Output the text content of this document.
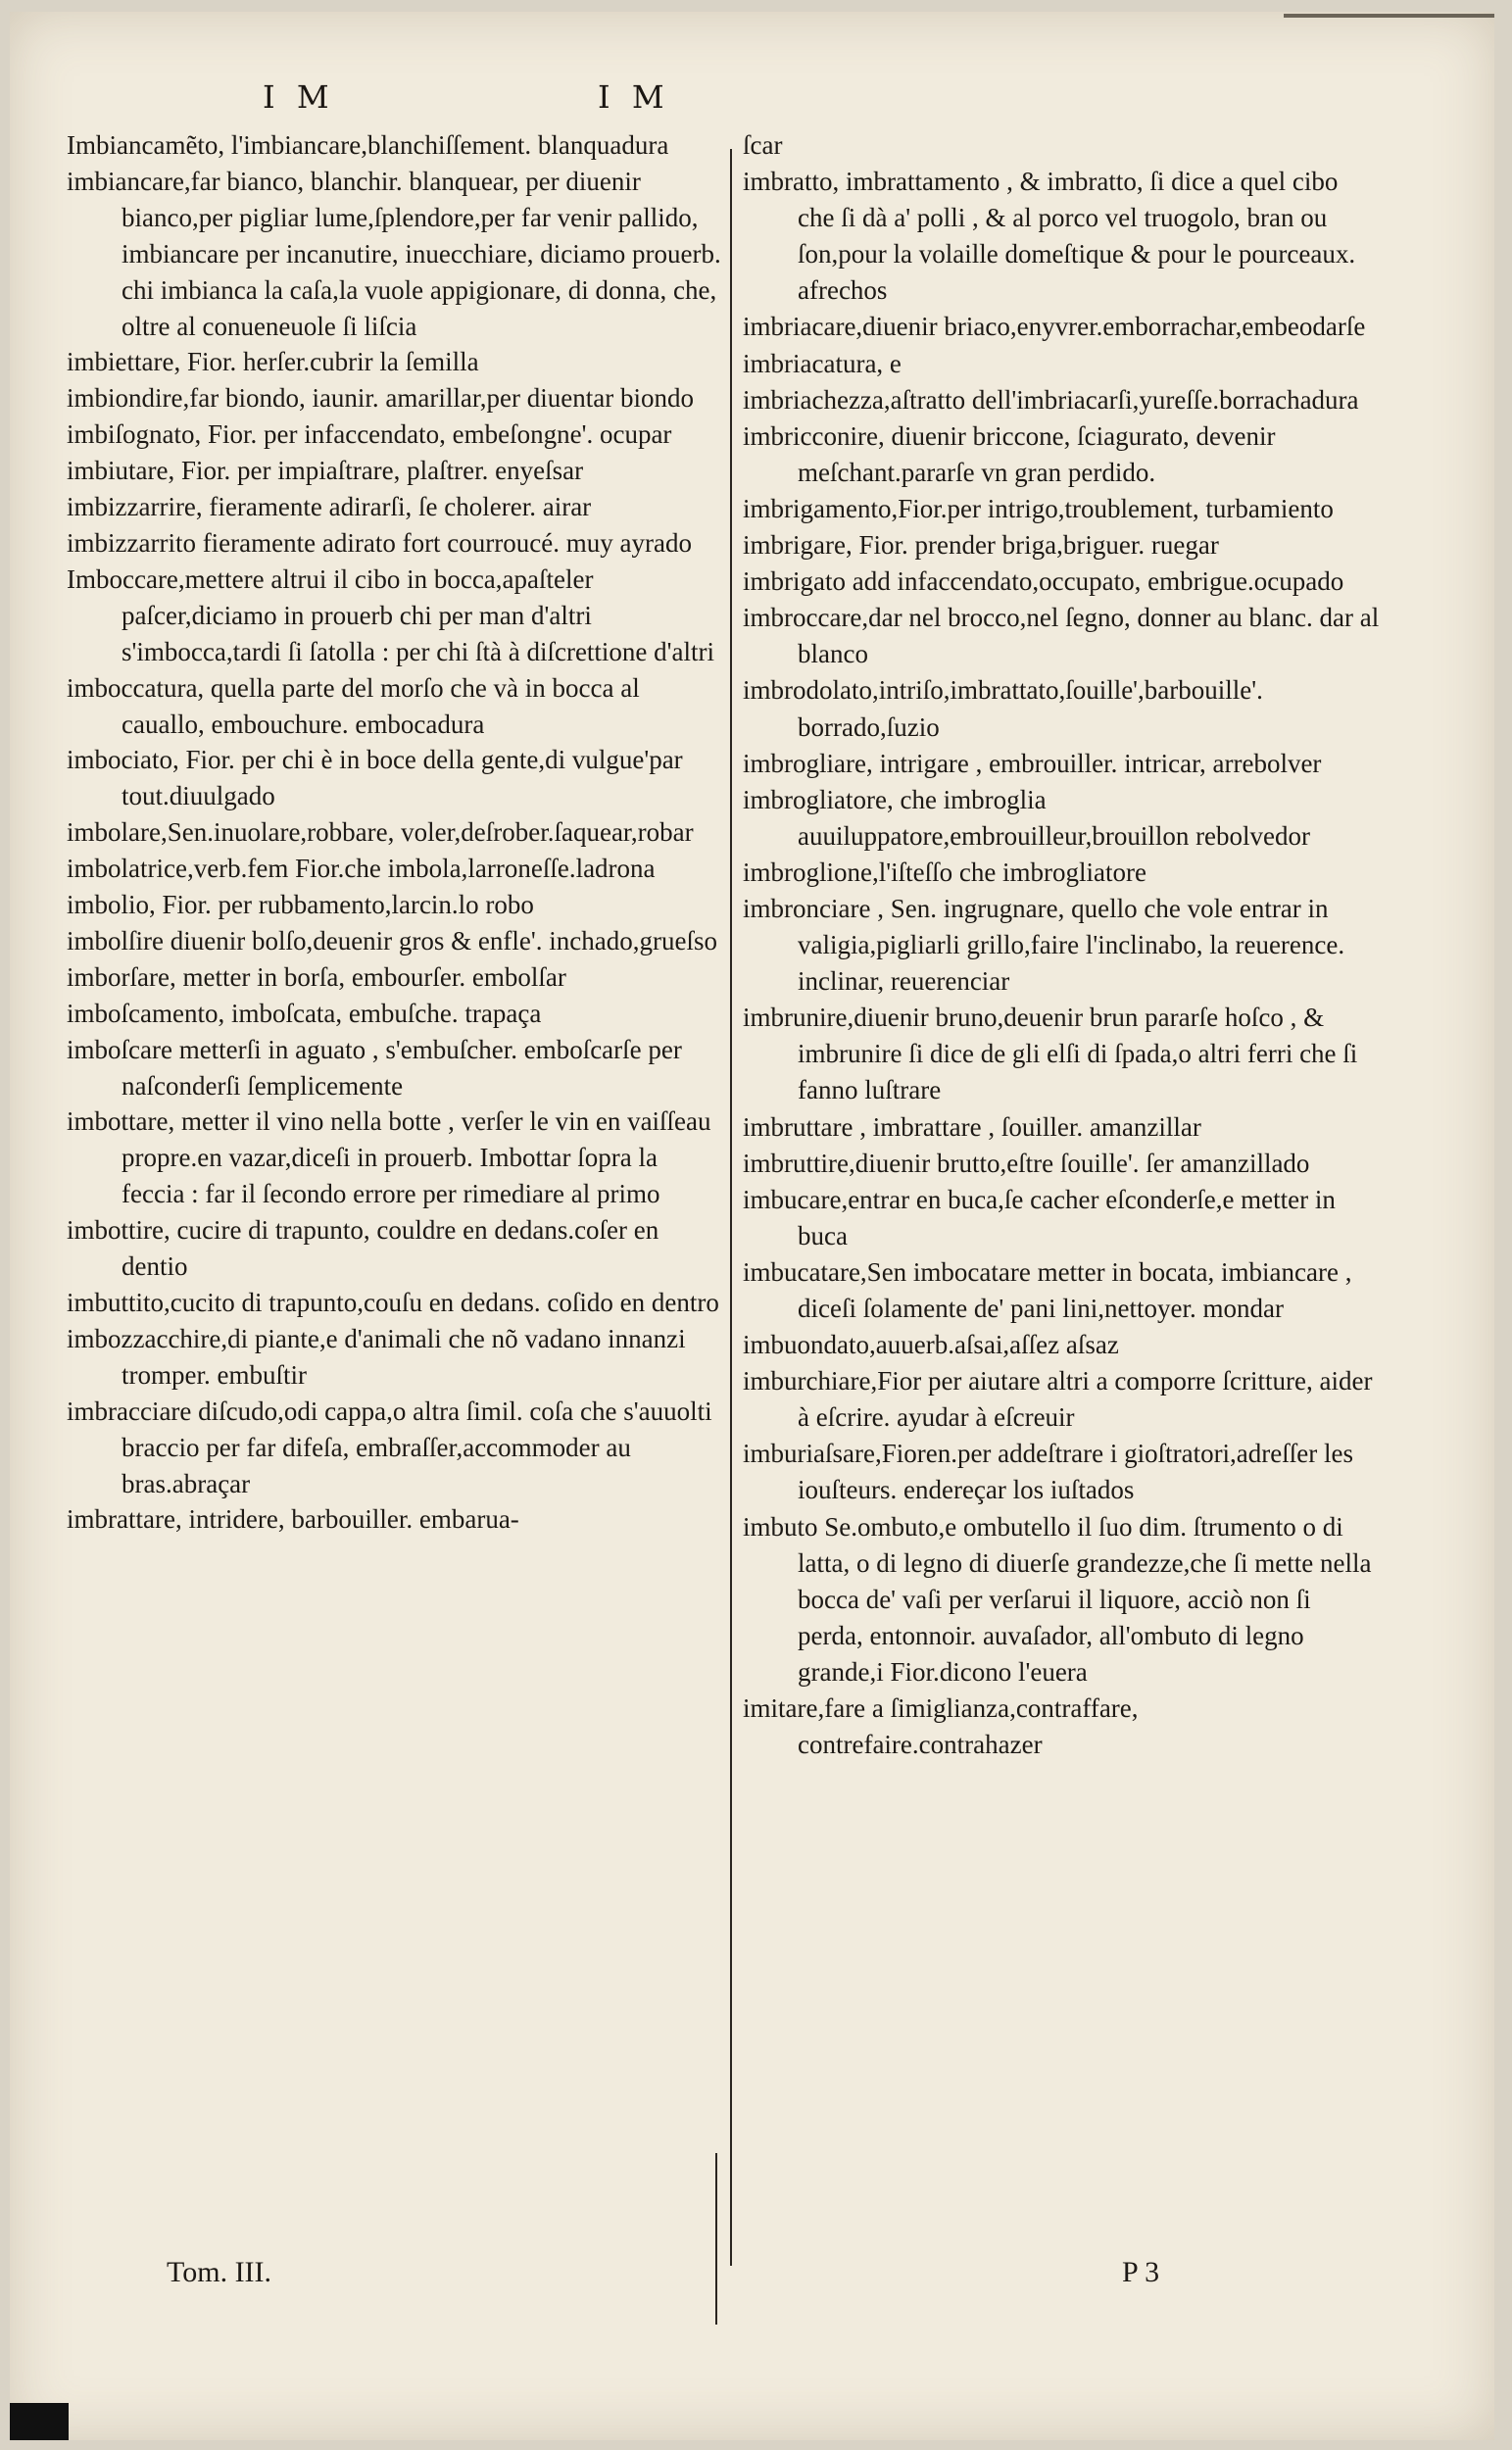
I M	I M

Imbiancamẽto, l'imbiancare,blanchiſſement. blanquadura

imbiancare,far bianco, blanchir. blanquear, per diuenir bianco,per pigliar lume,ſplendore,per far venir pallido, imbiancare per incanutire, inuecchiare, diciamo prouerb. chi imbianca la caſa,la vuole appigionare, di donna, che, oltre al conueneuole ſi liſcia

imbiettare, Fior. herſer.cubrir la ſemilla

imbiondire,far biondo, iaunir. amarillar,per diuentar biondo

imbiſognato, Fior. per infaccendato, embeſongne'. ocupar

imbiutare, Fior. per impiaſtrare, plaſtrer. enyeſsar

imbizzarrire, fieramente adirarſi, ſe cholerer. airar

imbizzarrito fieramente adirato fort courroucé. muy ayrado

Imboccare,mettere altrui il cibo in bocca,apaſteler paſcer,diciamo in prouerb chi per man d'altri s'imbocca,tardi ſi ſatolla : per chi ſtà à diſcrettione d'altri

imboccatura, quella parte del morſo che và in bocca al cauallo, embouchure. embocadura

imbociato, Fior. per chi è in boce della gente,di vulgue'par tout.diuulgado

imbolare,Sen.inuolare,robbare, voler,deſrober.ſaquear,robar

imbolatrice,verb.fem Fior.che imbola,larroneſſe.ladrona

imbolio, Fior. per rubbamento,larcin.lo robo

imbolſire diuenir bolſo,deuenir gros & enfle'. inchado,grueſso

imborſare, metter in borſa, embourſer. embolſar

imboſcamento, imboſcata, embuſche. trapaça

imboſcare metterſi in aguato , s'embuſcher. emboſcarſe per naſconderſi ſemplicemente

imbottare, metter il vino nella botte , verſer le vin en vaiſſeau propre.en vazar,diceſi in prouerb. Imbottar ſopra la feccia : far il ſecondo errore per rimediare al primo

imbottire, cucire di trapunto, couldre en dedans.coſer en dentio

imbuttito,cucito di trapunto,couſu en dedans. coſido en dentro

imbozzacchire,di piante,e d'animali che nõ vadano innanzi tromper. embuſtir

imbracciare diſcudo,odi cappa,o altra ſimil. coſa che s'auuolti braccio per far difeſa, embraſſer,accommoder au bras.abraçar

imbrattare, intridere, barbouiller. embarua-

ſcar

imbratto, imbrattamento , & imbratto, ſi dice a quel cibo che ſi dà a' polli , & al porco vel truogolo, bran ou ſon,pour la volaille domeſtique & pour le pourceaux. afrechos

imbriacare,diuenir briaco,enyvrer.emborrachar,embeodarſe

imbriacatura, e

imbriachezza,aſtratto dell'imbriacarſi,yureſſe.borrachadura

imbricconire, diuenir briccone, ſciagurato, devenir meſchant.pararſe vn gran perdido.

imbrigamento,Fior.per intrigo,troublement, turbamiento

imbrigare, Fior. prender briga,briguer. ruegar

imbrigato add infaccendato,occupato, embrigue.ocupado

imbroccare,dar nel brocco,nel ſegno, donner au blanc. dar al blanco

imbrodolato,intriſo,imbrattato,ſouille',barbouille'. borrado,ſuzio

imbrogliare, intrigare , embrouiller. intricar, arrebolver

imbrogliatore, che imbroglia auuiluppatore,embrouilleur,brouillon rebolvedor

imbroglione,l'iſteſſo che imbrogliatore

imbronciare , Sen. ingrugnare, quello che vole entrar in valigia,pigliarli grillo,faire l'inclinabo, la reuerence. inclinar, reuerenciar

imbrunire,diuenir bruno,deuenir brun pararſe hoſco , & imbrunire ſi dice de gli elſi di ſpada,o altri ferri che ſi fanno luſtrare

imbruttare , imbrattare , ſouiller. amanzillar

imbruttire,diuenir brutto,eſtre ſouille'. ſer amanzillado

imbucare,entrar en buca,ſe cacher eſconderſe,e metter in buca

imbucatare,Sen imbocatare metter in bocata, imbiancare , diceſi ſolamente de' pani lini,nettoyer. mondar

imbuondato,auuerb.aſsai,aſſez aſsaz

imburchiare,Fior per aiutare altri a comporre ſcritture, aider à eſcrire. ayudar à eſcreuir

imburiaſsare,Fioren.per addeſtrare i gioſtratori,adreſſer les iouſteurs. endereçar los iuſtados

imbuto Se.ombuto,e ombutello il ſuo dim. ſtrumento o di latta, o di legno di diuerſe grandezze,che ſi mette nella bocca de' vaſi per verſarui il liquore, acciò non ſi perda, entonnoir. auvaſador, all'ombuto di legno grande,i Fior.dicono l'euera

imitare,fare a ſimiglianza,contraffare, contrefaire.contrahazer

Tom. III.	P 3
